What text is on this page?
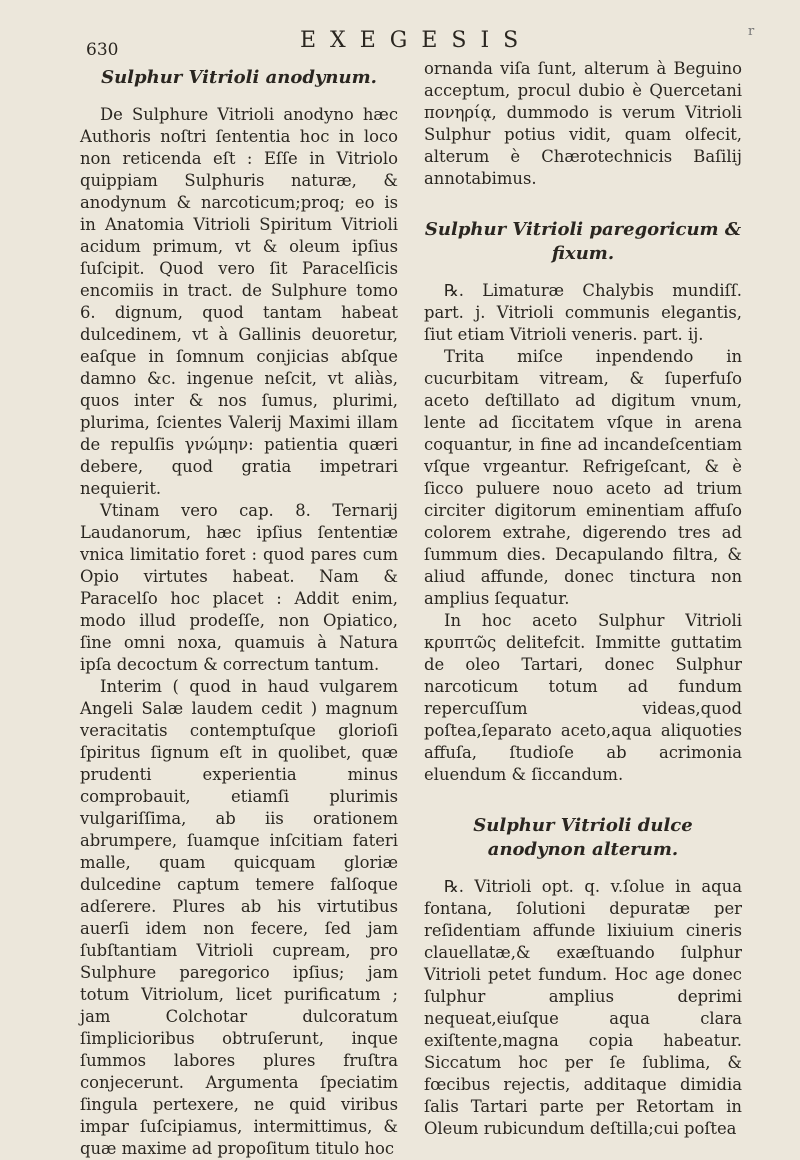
630	EXEGESIS	r
Sulphur Vitrioli anodynum.

De Sulphure Vitrioli anodyno hæc Authoris noſtri ſententia hoc in loco non reticenda eſt : Eſſe in Vitriolo quippiam Sulphuris naturæ, & anodynum & narcoticum;proq; eo is in Anatomia Vitrioli Spiritum Vitrioli acidum primum, vt & oleum ipſius ſuſcipit. Quod vero ſit Paracelſicis encomiis in tract. de Sulphure tomo 6. dignum, quod tantam habeat dulcedinem, vt à Gallinis deuoretur, eaſque in ſomnum conjicias abſque damno &c. ingenue neſcit, vt aliàs, quos inter & nos ſumus, plurimi, plurima, ſcientes Valerij Maximi illam de repulſis γνώμην: patientia quæri debere, quod gratia impetrari nequierit.

Vtinam vero cap. 8. Ternarij Laudanorum, hæc ipſius ſententiæ vnica limitatio foret : quod pares cum Opio virtutes habeat. Nam & Paracelſo hoc placet : Addit enim, modo illud prodeſſe, non Opiatico, ſine omni noxa, quamuis à Natura ipſa decoctum & correctum tantum.

Interim ( quod in haud vulgarem Angeli Salæ laudem cedit ) magnum veracitatis contemptuſque glorioſi ſpiritus ſignum eſt in quolibet, quæ prudenti experientia minus comprobauit, etiamſi plurimis vulgariſſima, ab iis orationem abrumpere, ſuamque inſcitiam fateri malle, quam quicquam gloriæ dulcedine captum temere falſoque adſerere. Plures ab his virtutibus auerſi idem non fecere, ſed jam ſubſtantiam Vitrioli cupream, pro Sulphure paregorico ipſius; jam totum Vitriolum, licet purificatum ; jam Colchotar dulcoratum ſimplicioribus obtruſerunt, inque ſummos labores plures fruſtra conjecerunt. Argumenta ſpeciatim ſingula pertexere, ne quid viribus impar ſuſcipiamus, intermittimus, & quæ maxime ad propoſitum titulo hoc

ornanda viſa ſunt, alterum à Beguino acceptum, procul dubio è Quercetani πονηρίᾳ, dummodo is verum Vitrioli Sulphur potius vidit, quam olfecit, alterum è Chærotechnicis Baſilij annotabimus.

Sulphur Vitrioli paregoricum & fixum.

℞. Limaturæ Chalybis mundiſſ. part. j. Vitrioli communis elegantis, ſiut etiam Vitrioli veneris. part. ij.

Trita miſce inpendendo in cucurbitam vitream, & ſuperfuſo aceto deſtillato ad digitum vnum, lente ad ſiccitatem vſque in arena coquantur, in fine ad incandeſcentiam vſque vrgeantur. Refrigeſcant, & è ſicco puluere nouo aceto ad trium circiter digitorum eminentiam affuſo colorem extrahe, digerendo tres ad ſummum dies. Decapulando filtra, & aliud affunde, donec tinctura non amplius ſequatur.

In hoc aceto Sulphur Vitrioli κρυπτῶς delitefcit. Immitte guttatim de oleo Tartari, donec Sulphur narcoticum totum ad fundum repercuſſum videas,quod poſtea,ſeparato aceto,aqua aliquoties affuſa, ſtudioſe ab acrimonia eluendum & ſiccandum.

Sulphur Vitrioli dulce anodynon alterum.

℞. Vitrioli opt. q. v.ſolue in aqua fontana, ſolutioni depuratæ per reſidentiam affunde lixiuium cineris clauellatæ,& exæſtuando ſulphur Vitrioli petet fundum. Hoc age donec ſulphur amplius deprimi nequeat,eiuſque aqua clara exiſtente,magna copia habeatur. Siccatum hoc per ſe ſublima, & fœcibus rejectis, additaque dimidia ſalis Tartari parte per Retortam in Oleum rubicundum deſtilla;cui poſtea
